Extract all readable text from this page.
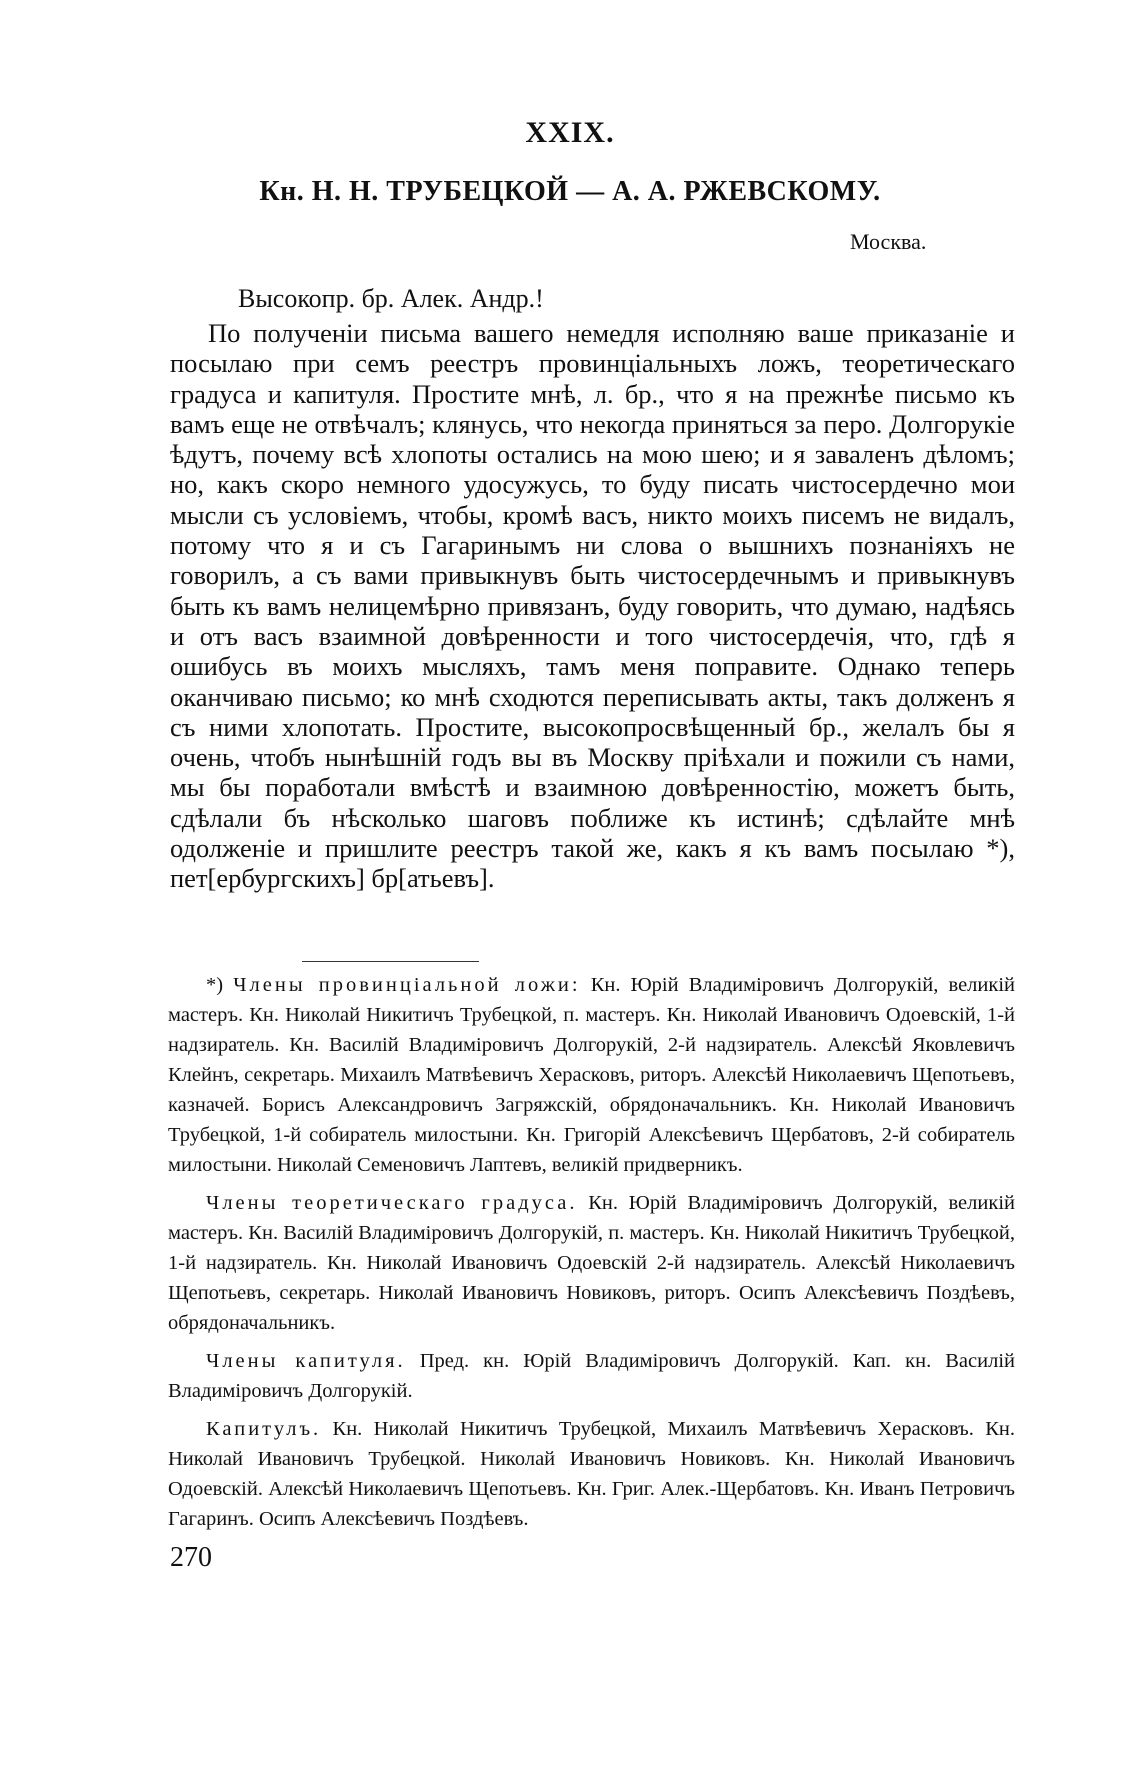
XXIX.
Кн. Н. Н. ТРУБЕЦКОЙ — А. А. РЖЕВСКОМУ.
Москва.
Высокопр. бр. Алек. Андр.!

По полученіи письма вашего немедля исполняю ваше приказаніе и посылаю при семъ реестръ провинціальныхъ ложъ, теоретическаго градуса и капитуля. Простите мнѣ, л. бр., что я на прежнѣе письмо къ вамъ еще не отвѣчалъ; клянусь, что некогда приняться за перо. Долгорукіе ѣдутъ, почему всѣ хлопоты остались на мою шею; и я заваленъ дѣломъ; но, какъ скоро немного удосужусь, то буду писать чистосердечно мои мысли съ условіемъ, чтобы, кромѣ васъ, никто моихъ писемъ не видалъ, потому что я и съ Гагаринымъ ни слова о вышнихъ познаніяхъ не говорилъ, а съ вами привыкнувъ быть чистосердечнымъ и привыкнувъ быть къ вамъ нелицемѣрно привязанъ, буду говорить, что думаю, надѣясь и отъ васъ взаимной довѣренности и того чистосердечія, что, гдѣ я ошибусь въ моихъ мысляхъ, тамъ меня поправите. Однако теперь оканчиваю письмо; ко мнѣ сходются переписывать акты, такъ долженъ я съ ними хлопотать. Простите, высокопросвѣщенный бр., желалъ бы я очень, чтобъ нынѣшній годъ вы въ Москву пріѣхали и пожили съ нами, мы бы поработали вмѣстѣ и взаимною довѣренностію, можетъ быть, сдѣлали бъ нѣсколько шаговъ поближе къ истинѣ; сдѣлайте мнѣ одолженіе и пришлите реестръ такой же, какъ я къ вамъ посылаю *), пет[ербургскихъ] бр[атьевъ].

*) Члены провинціальной ложи: Кн. Юрій Владиміровичъ Долгорукій, великій мастеръ. Кн. Николай Никитичъ Трубецкой, п. мастеръ. Кн. Николай Ивановичъ Одоевскій, 1-й надзиратель. Кн. Василій Владиміровичъ Долгорукій, 2-й надзиратель. Алексѣй Яковлевичъ Клейнъ, секретарь. Михаилъ Матвѣевичъ Херасковъ, риторъ. Алексѣй Николаевичъ Щепотьевъ, казначей. Борисъ Александровичъ Загряжскій, обрядоначальникъ. Кн. Николай Ивановичъ Трубецкой, 1-й собиратель милостыни. Кн. Григорій Алексѣевичъ Щербатовъ, 2-й собиратель милостыни. Николай Семеновичъ Лаптевъ, великій придверникъ.

Члены теоретическаго градуса. Кн. Юрій Владиміровичъ Долгорукій, великій мастеръ. Кн. Василій Владиміровичъ Долгорукій, п. мастеръ. Кн. Николай Никитичъ Трубецкой, 1-й надзиратель. Кн. Николай Ивановичъ Одоевскій 2-й надзиратель. Алексѣй Николаевичъ Щепотьевъ, секретарь. Николай Ивановичъ Новиковъ, риторъ. Осипъ Алексѣевичъ Поздѣевъ, обрядоначальникъ.

Члены капитуля. Пред. кн. Юрій Владиміровичъ Долгорукій. Кап. кн. Василій Владиміровичъ Долгорукій.

Капитулъ. Кн. Николай Никитичъ Трубецкой, Михаилъ Матвѣевичъ Херасковъ. Кн. Николай Ивановичъ Трубецкой. Николай Ивановичъ Новиковъ. Кн. Николай Ивановичъ Одоевскій. Алексѣй Николаевичъ Щепотьевъ. Кн. Григ. Алек.-Щербатовъ. Кн. Иванъ Петровичъ Гагаринъ. Осипъ Алексѣевичъ Поздѣевъ.

270
